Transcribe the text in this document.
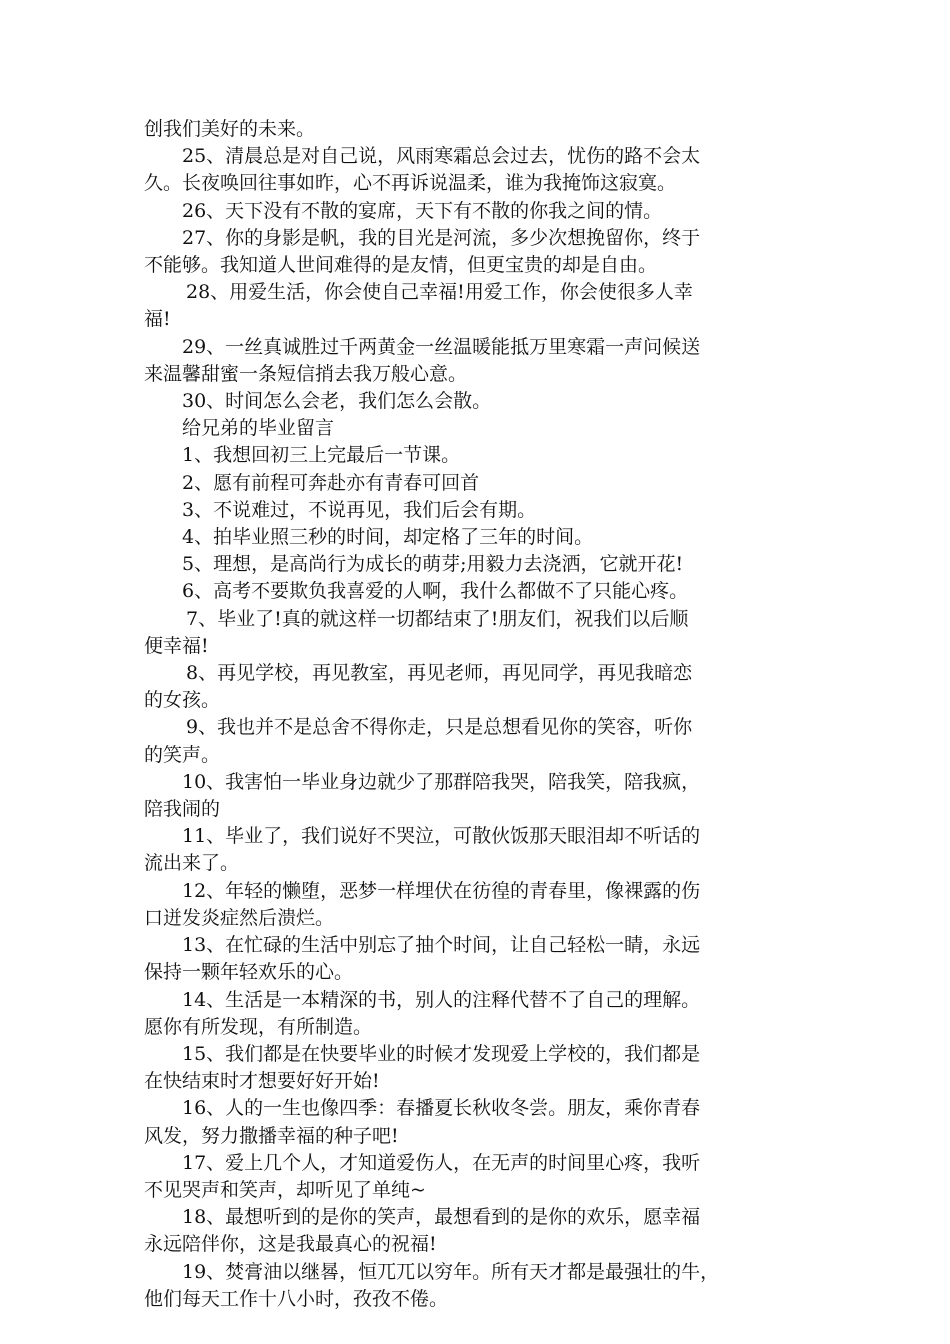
创我们美好的未来。
25、清晨总是对自己说，风雨寒霜总会过去，忧伤的路不会太
久。长夜唤回往事如昨，心不再诉说温柔，谁为我掩饰这寂寞。
26、天下没有不散的宴席，天下有不散的你我之间的情。
27、你的身影是帆，我的目光是河流，多少次想挽留你，终于
不能够。我知道人世间难得的是友情，但更宝贵的却是自由。
28、用爱生活，你会使自己幸福!用爱工作，你会使很多人幸
福!
29、一丝真诚胜过千两黄金一丝温暖能抵万里寒霜一声问候送
来温馨甜蜜一条短信捎去我万般心意。
30、时间怎么会老，我们怎么会散。
给兄弟的毕业留言
1、我想回初三上完最后一节课。
2、愿有前程可奔赴亦有青春可回首
3、不说难过，不说再见，我们后会有期。
4、拍毕业照三秒的时间，却定格了三年的时间。
5、理想，是高尚行为成长的萌芽;用毅力去浇洒，它就开花!
6、高考不要欺负我喜爱的人啊，我什么都做不了只能心疼。
7、毕业了!真的就这样一切都结束了!朋友们，祝我们以后顺
便幸福!
8、再见学校，再见教室，再见老师，再见同学，再见我暗恋
的女孩。
9、我也并不是总舍不得你走，只是总想看见你的笑容，听你
的笑声。
10、我害怕一毕业身边就少了那群陪我哭，陪我笑，陪我疯，
陪我闹的
11、毕业了，我们说好不哭泣，可散伙饭那天眼泪却不听话的
流出来了。
12、年轻的懒堕，恶梦一样埋伏在彷徨的青春里，像裸露的伤
口迸发炎症然后溃烂。
13、在忙碌的生活中别忘了抽个时间，让自己轻松一睛，永远
保持一颗年轻欢乐的心。
14、生活是一本精深的书，别人的注释代替不了自己的理解。
愿你有所发现，有所制造。
15、我们都是在快要毕业的时候才发现爱上学校的，我们都是
在快结束时才想要好好开始!
16、人的一生也像四季：春播夏长秋收冬尝。朋友，乘你青春
风发，努力撒播幸福的种子吧!
17、爱上几个人，才知道爱伤人，在无声的时间里心疼，我听
不见哭声和笑声，却听见了单纯~
18、最想听到的是你的笑声，最想看到的是你的欢乐，愿幸福
永远陪伴你，这是我最真心的祝福!
19、焚膏油以继晷，恒兀兀以穷年。所有天才都是最强壮的牛，
他们每天工作十八小时，孜孜不倦。
